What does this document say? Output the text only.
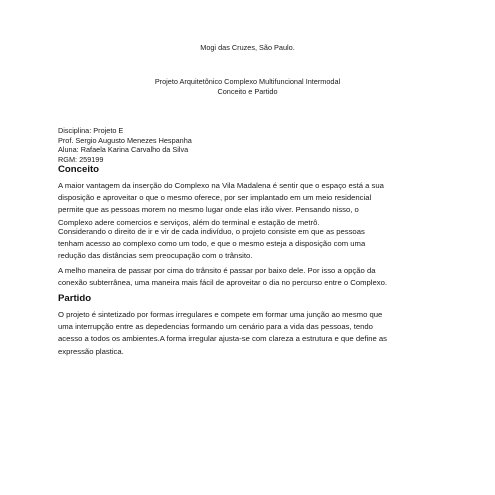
Mogi das Cruzes, São Paulo.
Projeto Arquitetônico Complexo Multifuncional Intermodal
Conceito e Partido
Disciplina: Projeto E
Prof. Sergio Augusto Menezes Hespanha
Aluna: Rafaela Karina Carvalho da Silva
RGM: 259199
Conceito
A maior vantagem da inserção do Complexo na Vila Madalena é sentir que o espaço está a sua
disposição e aproveitar o que o mesmo oferece, por ser implantado em um meio residencial
permite que as pessoas morem no mesmo lugar onde elas irão viver. Pensando nisso, o
Complexo adere comercios e serviços, além do terminal e estação de metrô.
Considerando o direito de ir e vir de cada indivíduo, o projeto consiste em que as pessoas
tenham acesso ao complexo como um todo, e que o mesmo esteja a disposição com uma
redução das distâncias sem preocupação com o trânsito.
A melho maneira de passar por cima do trânsito é passar por baixo dele. Por isso a opção da
conexão subterrânea, uma maneira mais fácil de aproveitar o dia no percurso entre o Complexo.
Partido
O projeto é sintetizado por formas irregulares e compete em formar uma junção ao mesmo que
uma interrupção entre as depedencias formando um cenário para a vida das pessoas, tendo
acesso a todos os ambientes.A forma irregular ajusta-se com clareza a estrutura e que define as
expressão plastica.
